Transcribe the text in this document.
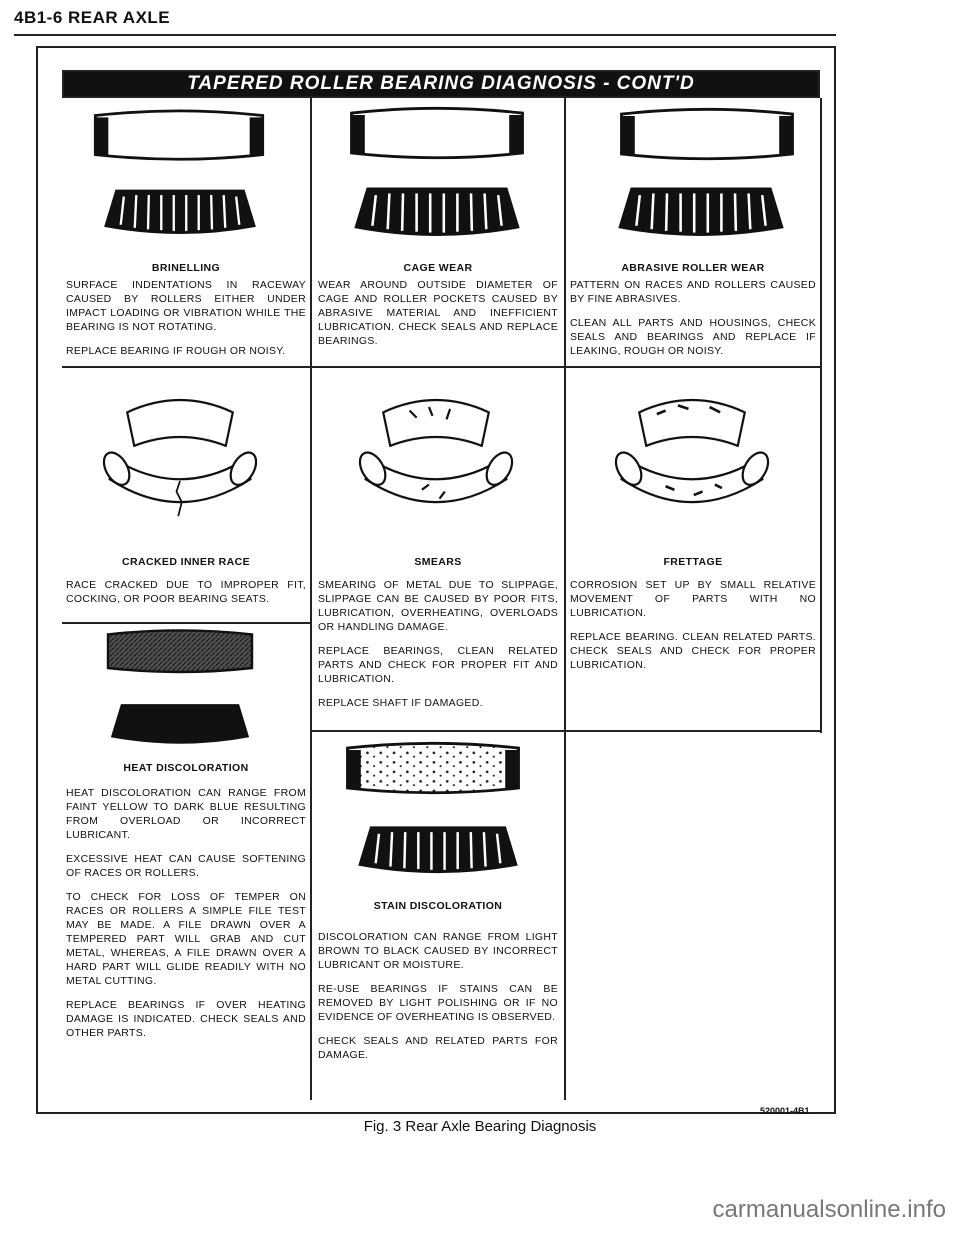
4B1-6 REAR AXLE
TAPERED ROLLER BEARING DIAGNOSIS - CONT'D
BRINELLING

SURFACE INDENTATIONS IN RACEWAY CAUSED BY ROLLERS EITHER UNDER IMPACT LOADING OR VIBRATION WHILE THE BEARING IS NOT ROTATING.

REPLACE BEARING IF ROUGH OR NOISY.

CAGE WEAR

WEAR AROUND OUTSIDE DIAMETER OF CAGE AND ROLLER POCKETS CAUSED BY ABRASIVE MATERIAL AND INEFFICIENT LUBRICATION. CHECK SEALS AND REPLACE BEARINGS.

ABRASIVE ROLLER WEAR

PATTERN ON RACES AND ROLLERS CAUSED BY FINE ABRASIVES.

CLEAN ALL PARTS AND HOUSINGS, CHECK SEALS AND BEARINGS AND REPLACE IF LEAKING, ROUGH OR NOISY.

CRACKED INNER RACE

RACE CRACKED DUE TO IMPROPER FIT, COCKING, OR POOR BEARING SEATS.

SMEARS

SMEARING OF METAL DUE TO SLIPPAGE, SLIPPAGE CAN BE CAUSED BY POOR FITS, LUBRICATION, OVERHEATING, OVERLOADS OR HANDLING DAMAGE.

REPLACE BEARINGS, CLEAN RELATED PARTS AND CHECK FOR PROPER FIT AND LUBRICATION.

REPLACE SHAFT IF DAMAGED.

FRETTAGE

CORROSION SET UP BY SMALL RELATIVE MOVEMENT OF PARTS WITH NO LUBRICATION.

REPLACE BEARING. CLEAN RELATED PARTS. CHECK SEALS AND CHECK FOR PROPER LUBRICATION.

HEAT DISCOLORATION

HEAT DISCOLORATION CAN RANGE FROM FAINT YELLOW TO DARK BLUE RESULTING FROM OVERLOAD OR INCORRECT LUBRICANT.

EXCESSIVE HEAT CAN CAUSE SOFTENING OF RACES OR ROLLERS.

TO CHECK FOR LOSS OF TEMPER ON RACES OR ROLLERS A SIMPLE FILE TEST MAY BE MADE. A FILE DRAWN OVER A TEMPERED PART WILL GRAB AND CUT METAL, WHEREAS, A FILE DRAWN OVER A HARD PART WILL GLIDE READILY WITH NO METAL CUTTING.

REPLACE BEARINGS IF OVER HEATING DAMAGE IS INDICATED. CHECK SEALS AND OTHER PARTS.

STAIN DISCOLORATION

DISCOLORATION CAN RANGE FROM LIGHT BROWN TO BLACK CAUSED BY INCORRECT LUBRICANT OR MOISTURE.

RE-USE BEARINGS IF STAINS CAN BE REMOVED BY LIGHT POLISHING OR IF NO EVIDENCE OF OVERHEATING IS OBSERVED.

CHECK SEALS AND RELATED PARTS FOR DAMAGE.

520001-4B1
Fig. 3 Rear Axle Bearing Diagnosis
carmanualsonline.info
